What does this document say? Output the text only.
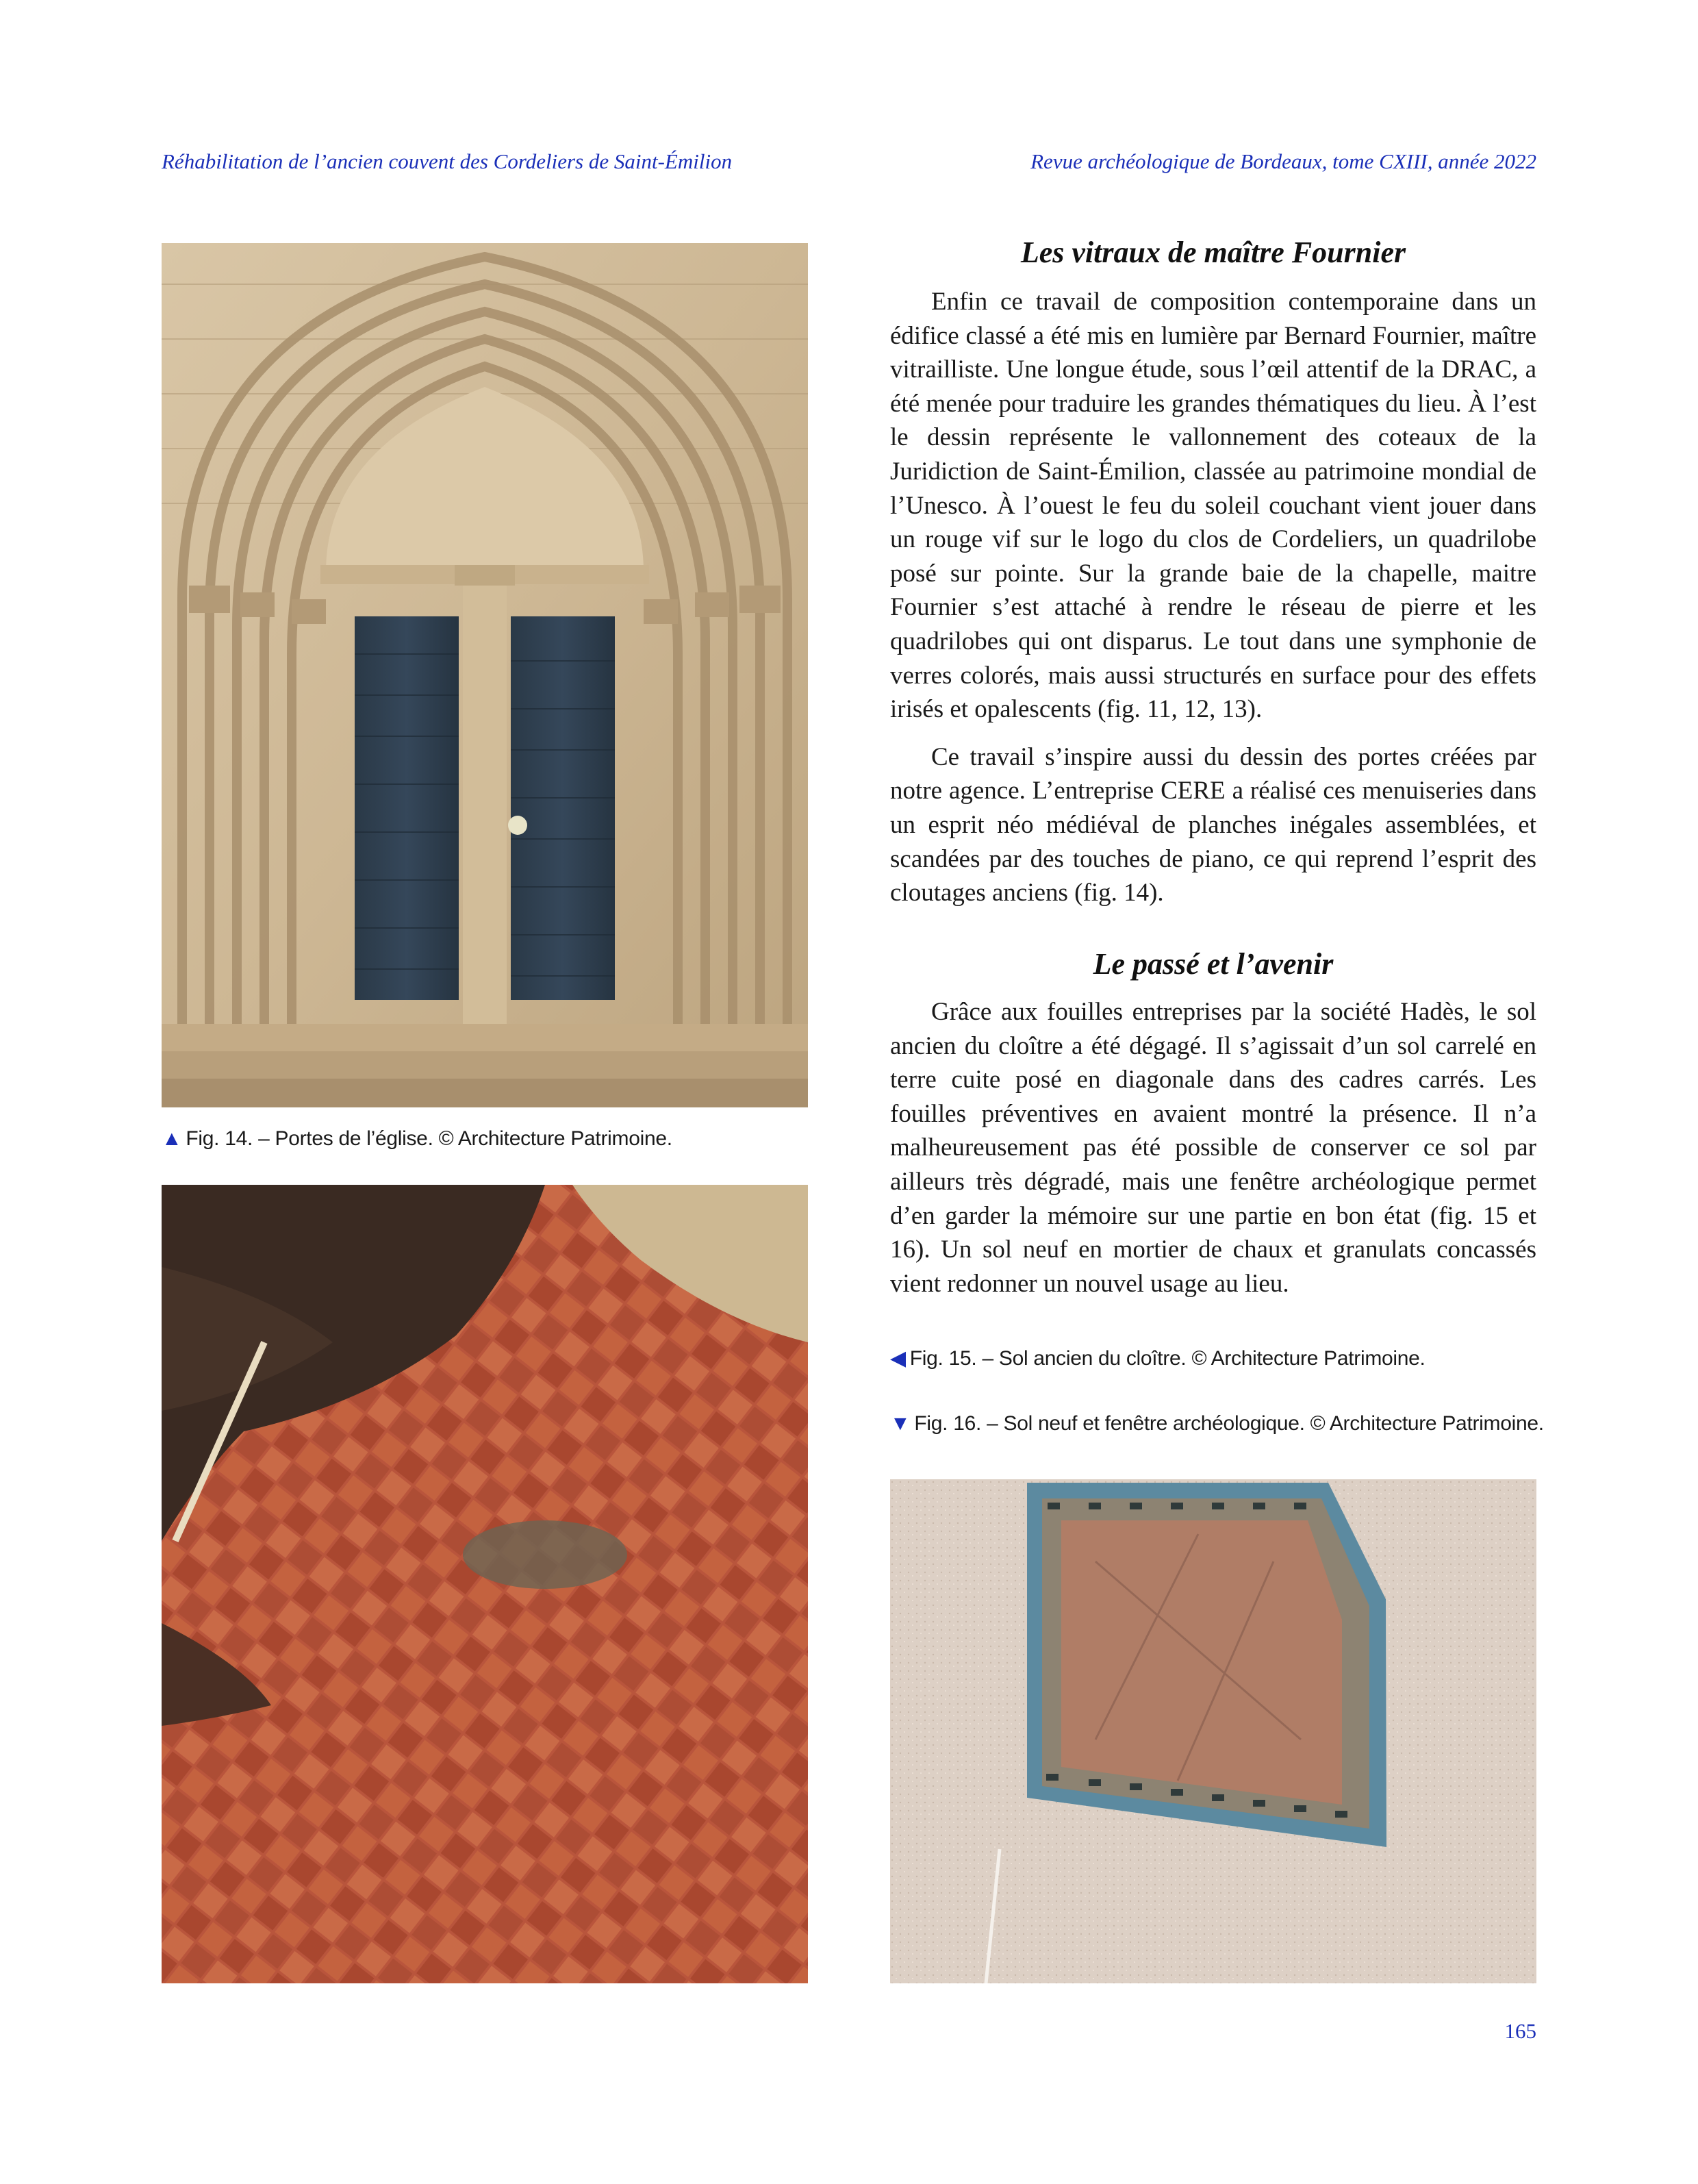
Réhabilitation de l’ancien couvent des Cordeliers de Saint-Émilion	Revue archéologique de Bordeaux, tome CXIII, année 2022
▲ Fig. 14. – Portes de l’église. © Architecture Patrimoine.
Les vitraux de maître Fournier

Enfin ce travail de composition contemporaine dans un édifice classé a été mis en lumière par Bernard Fournier, maître vitrailliste. Une longue étude, sous l’œil attentif de la DRAC, a été menée pour traduire les grandes thématiques du lieu. À l’est le dessin représente le vallonnement des coteaux de la Juridiction de Saint-Émilion, classée au patrimoine mondial de l’Unesco. À l’ouest le feu du soleil couchant vient jouer dans un rouge vif sur le logo du clos de Cordeliers, un quadrilobe posé sur pointe. Sur la grande baie de la chapelle, maitre Fournier s’est attaché à rendre le réseau de pierre et les quadrilobes qui ont disparus. Le tout dans une symphonie de verres colorés, mais aussi structurés en surface pour des effets irisés et opalescents (fig. 11, 12, 13).

Ce travail s’inspire aussi du dessin des portes créées par notre agence. L’entreprise CERE a réalisé ces menuiseries dans un esprit néo médiéval de planches inégales assemblées, et scandées par des touches de piano, ce qui reprend l’esprit des cloutages anciens (fig. 14).

Le passé et l’avenir

Grâce aux fouilles entreprises par la société Hadès, le sol ancien du cloître a été dégagé. Il s’agissait d’un sol carrelé en terre cuite posé en diagonale dans des cadres carrés. Les fouilles préventives en avaient montré la présence. Il n’a malheureusement pas été possible de conserver ce sol par ailleurs très dégradé, mais une fenêtre archéologique permet d’en garder la mémoire sur une partie en bon état (fig. 15 et 16). Un sol neuf en mortier de chaux et granulats concassés vient redonner un nouvel usage au lieu.

◀ Fig. 15. – Sol ancien du cloître. © Architecture Patrimoine.
▼ Fig. 16. – Sol neuf et fenêtre archéologique. © Architecture Patrimoine.
165
